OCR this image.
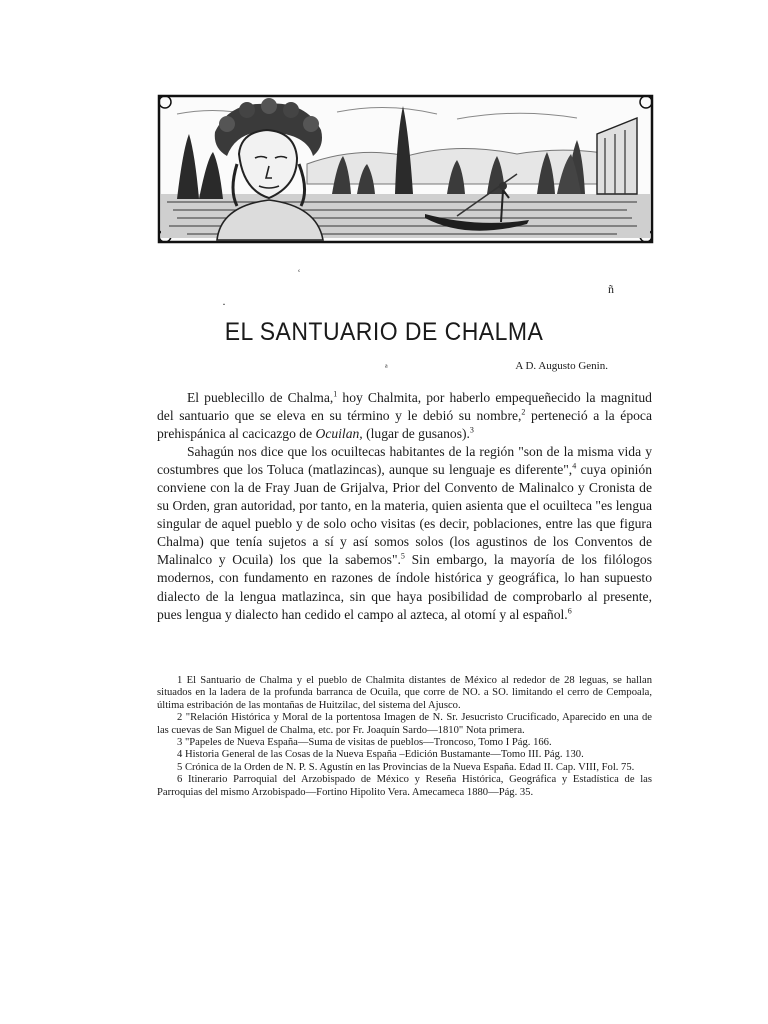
ʿ
·
ñ
EL SANTUARIO DE CHALMA
ᵃ	A D. Augusto Genin.

El pueblecillo de Chalma,$^1$ hoy Chalmita, por haberlo empequeñecido la magnitud del santuario que se eleva en su término y le debió su nombre,$^2$ perteneció a la época prehispánica al cacicazgo de Ocuilan, (lugar de gusanos).$^3$

Sahagún nos dice que los ocuiltecas habitantes de la región "son de la misma vida y costumbres que los Toluca (matlazincas), aunque su lenguaje es diferente",$^4$ cuya opinión conviene con la de Fray Juan de Grijalva, Prior del Convento de Malinalco y Cronista de su Orden, gran autoridad, por tanto, en la materia, quien asienta que el ocuilteca "es lengua singular de aquel pueblo y de solo ocho visitas (es decir, poblaciones, entre las que figura Chalma) que tenía sujetos a sí y así somos solos (los agustinos de los Conventos de Malinalco y Ocuila) los que la sabemos".$^5$ Sin embargo, la mayoría de los filólogos modernos, con fundamento en razones de índole histórica y geográfica, lo han supuesto dialecto de la lengua matlazinca, sin que haya posibilidad de comprobarlo al presente, pues lengua y dialecto han cedido el campo al azteca, al otomí y al español.$^6$

1 El Santuario de Chalma y el pueblo de Chalmita distantes de México al rededor de 28 leguas, se hallan situados en la ladera de la profunda barranca de Ocuila, que corre de NO. a SO. limitando el cerro de Cempoala, última estribación de las montañas de Huitzilac, del sistema del Ajusco.

2 "Relación Histórica y Moral de la portentosa Imagen de N. Sr. Jesucristo Crucificado, Aparecido en una de las cuevas de San Miguel de Chalma, etc. por Fr. Joaquín Sardo—1810" Nota primera.

3 "Papeles de Nueva España—Suma de visitas de pueblos—Troncoso, Tomo I Pág. 166.

4 Historia General de las Cosas de la Nueva España –Edición Bustamante—Tomo III. Pág. 130.

5 Crónica de la Orden de N. P. S. Agustín en las Provincias de la Nueva España. Edad II. Cap. VIII, Fol. 75.

6 Itinerario Parroquial del Arzobispado de México y Reseña Histórica, Geográfica y Estadística de las Parroquias del mismo Arzobispado—Fortino Hipolito Vera. Amecameca 1880—Pág. 35.
